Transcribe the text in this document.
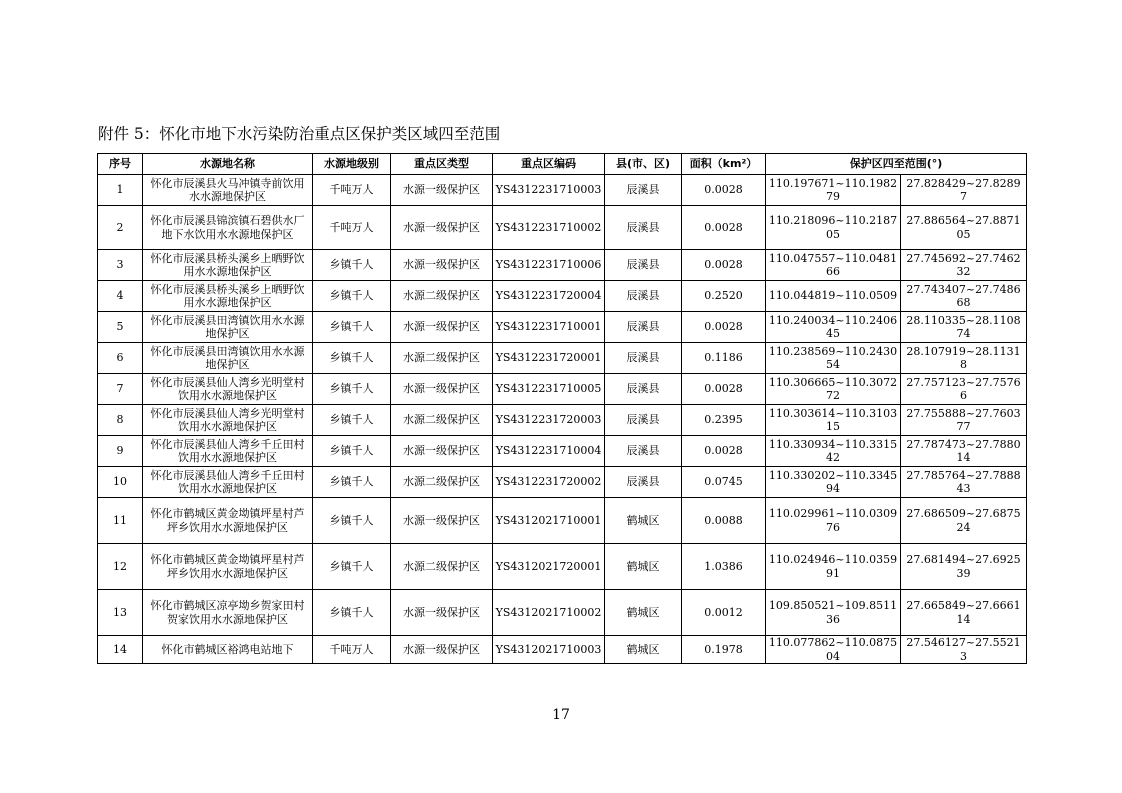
附件 5：怀化市地下水污染防治重点区保护类区域四至范围
序号	水源地名称	水源地级别	重点区类型	重点区编码	县(市、区)	面积（km²）	保护区四至范围(°)	
1	怀化市辰溪县火马冲镇寺前饮用水水源地保护区	千吨万人	水源一级保护区	YS4312231710003	辰溪县	0.0028	110.197671~110.198279	27.828429~27.82897
2	怀化市辰溪县锦滨镇石碧供水厂地下水饮用水水源地保护区	千吨万人	水源一级保护区	YS4312231710002	辰溪县	0.0028	110.218096~110.218705	27.886564~27.887105
3	怀化市辰溪县桥头溪乡上晒野饮用水水源地保护区	乡镇千人	水源一级保护区	YS4312231710006	辰溪县	0.0028	110.047557~110.048166	27.745692~27.746232
4	怀化市辰溪县桥头溪乡上晒野饮用水水源地保护区	乡镇千人	水源二级保护区	YS4312231720004	辰溪县	0.2520	110.044819~110.0509	27.743407~27.748668
5	怀化市辰溪县田湾镇饮用水水源地保护区	乡镇千人	水源一级保护区	YS4312231710001	辰溪县	0.0028	110.240034~110.240645	28.110335~28.110874
6	怀化市辰溪县田湾镇饮用水水源地保护区	乡镇千人	水源二级保护区	YS4312231720001	辰溪县	0.1186	110.238569~110.243054	28.107919~28.11318
7	怀化市辰溪县仙人湾乡光明堂村饮用水水源地保护区	乡镇千人	水源一级保护区	YS4312231710005	辰溪县	0.0028	110.306665~110.307272	27.757123~27.75766
8	怀化市辰溪县仙人湾乡光明堂村饮用水水源地保护区	乡镇千人	水源二级保护区	YS4312231720003	辰溪县	0.2395	110.303614~110.310315	27.755888~27.760377
9	怀化市辰溪县仙人湾乡千丘田村饮用水水源地保护区	乡镇千人	水源一级保护区	YS4312231710004	辰溪县	0.0028	110.330934~110.331542	27.787473~27.788014
10	怀化市辰溪县仙人湾乡千丘田村饮用水水源地保护区	乡镇千人	水源二级保护区	YS4312231720002	辰溪县	0.0745	110.330202~110.334594	27.785764~27.788843
11	怀化市鹤城区黄金坳镇坪星村芦坪乡饮用水水源地保护区	乡镇千人	水源一级保护区	YS4312021710001	鹤城区	0.0088	110.029961~110.030976	27.686509~27.687524
12	怀化市鹤城区黄金坳镇坪星村芦坪乡饮用水水源地保护区	乡镇千人	水源二级保护区	YS4312021720001	鹤城区	1.0386	110.024946~110.035991	27.681494~27.692539
13	怀化市鹤城区凉亭坳乡贺家田村贺家饮用水水源地保护区	乡镇千人	水源一级保护区	YS4312021710002	鹤城区	0.0012	109.850521~109.851136	27.665849~27.666114
14	怀化市鹤城区裕鸿电站地下	千吨万人	水源一级保护区	YS4312021710003	鹤城区	0.1978	110.077862~110.087504	27.546127~27.55213
17
